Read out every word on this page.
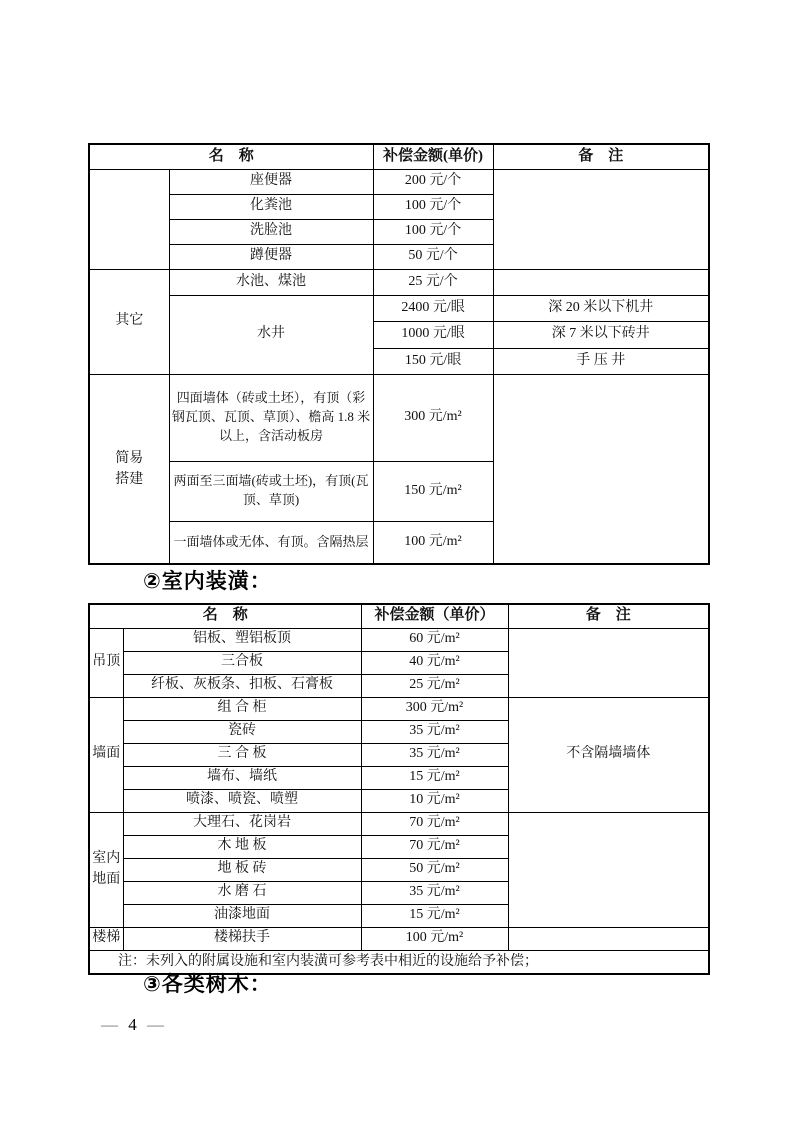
名　称		补偿金额(单价)	备　注
	座便器	200 元/个	
	化粪池	100 元/个	
	洗脸池	100 元/个	
	蹲便器	50 元/个	
其它	水池、煤池	25 元/个	
	水井	2400 元/眼	深 20 米以下机井
		1000 元/眼	深 7 米以下砖井
		150 元/眼	手 压 井
简易搭建	四面墙体（砖或土坯），有顶（彩钢瓦顶、瓦顶、草顶）、檐高 1.8 米以上，含活动板房	300 元/m²	
	两面至三面墙(砖或土坯)，有顶(瓦顶、草顶)	150 元/m²	
	一面墙体或无体、有顶。含隔热层	100 元/m²	
②室内装潢：
名　称		补偿金额（单价）	备　注
吊顶	铝板、塑铝板顶	60 元/m²	
	三合板	40 元/m²	
	纤板、灰板条、扣板、石膏板	25 元/m²	
墙面	组 合 柜	300 元/m²	不含隔墙墙体
	瓷砖	35 元/m²	
	三 合 板	35 元/m²	
	墙布、墙纸	15 元/m²	
	喷漆、喷瓷、喷塑	10 元/m²	
室内地面	大理石、花岗岩	70 元/m²	
	木 地 板	70 元/m²	
	地 板 砖	50 元/m²	
	水 磨 石	35 元/m²	
	油漆地面	15 元/m²	
楼梯	楼梯扶手	100 元/m²	
注：未列入的附属设施和室内装潢可参考表中相近的设施给予补偿；			
③各类树木：
— 4 —
